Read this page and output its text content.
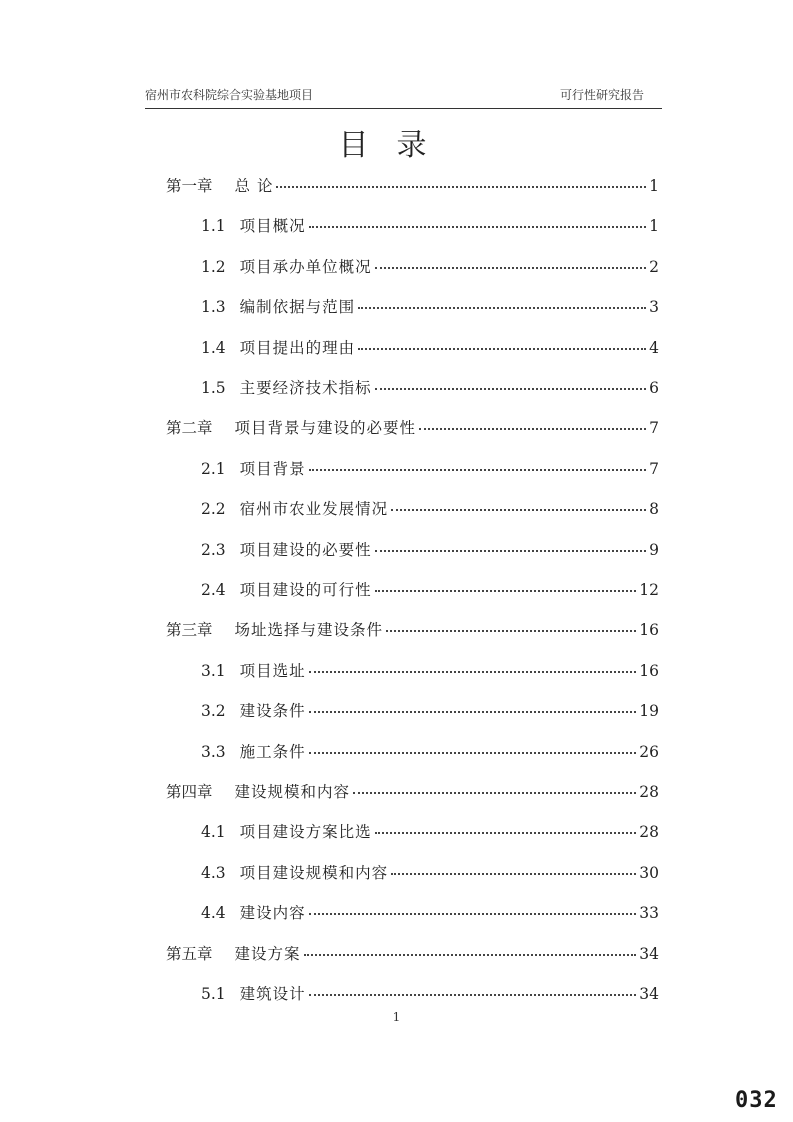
宿州市农科院综合实验基地项目	可行性研究报告
目录
第一章 总 论	1
1.1 项目概况	1
1.2 项目承办单位概况	2
1.3 编制依据与范围	3
1.4 项目提出的理由	4
1.5 主要经济技术指标	6
第二章 项目背景与建设的必要性	7
2.1 项目背景	7
2.2 宿州市农业发展情况	8
2.3 项目建设的必要性	9
2.4 项目建设的可行性	12
第三章 场址选择与建设条件	16
3.1 项目选址	16
3.2 建设条件	19
3.3 施工条件	26
第四章 建设规模和内容	28
4.1 项目建设方案比选	28
4.3 项目建设规模和内容	30
4.4 建设内容	33
第五章 建设方案	34
5.1 建筑设计	34
1
032
